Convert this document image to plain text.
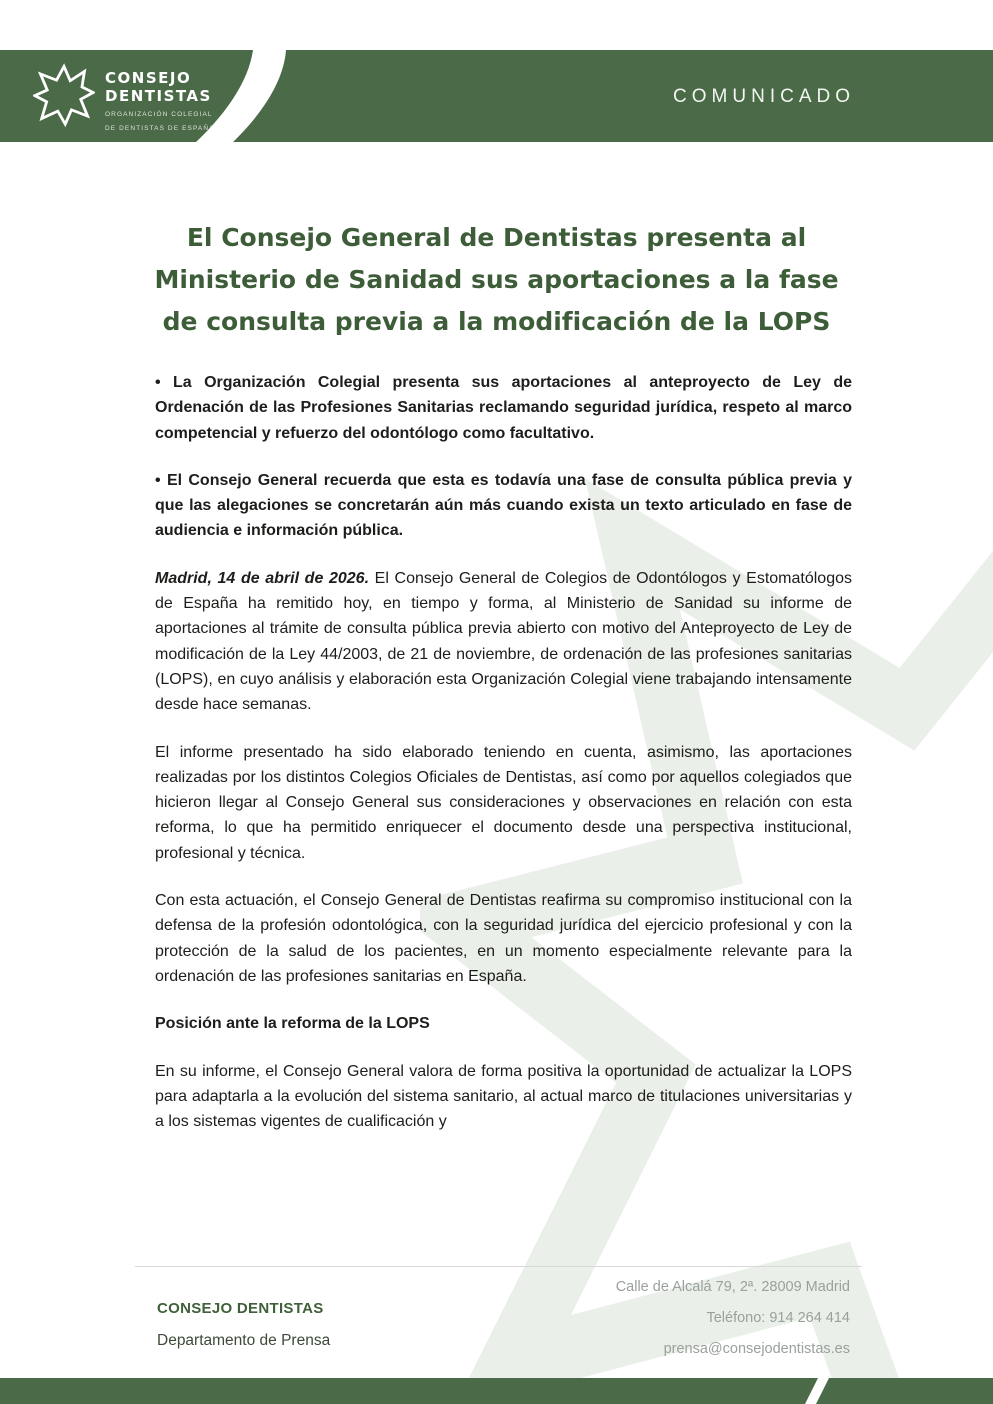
CONSEJO
DENTISTAS
ORGANIZACIÓN COLEGIAL
DE DENTISTAS DE ESPAÑA
COMUNICADO
El Consejo General de Dentistas presenta al
Ministerio de Sanidad sus aportaciones a la fase
de consulta previa a la modificación de la LOPS

• La Organización Colegial presenta sus aportaciones al anteproyecto de Ley de Ordenación de las Profesiones Sanitarias reclamando seguridad jurídica, respeto al marco competencial y refuerzo del odontólogo como facultativo.

• El Consejo General recuerda que esta es todavía una fase de consulta pública previa y que las alegaciones se concretarán aún más cuando exista un texto articulado en fase de audiencia e información pública.

Madrid, 14 de abril de 2026. El Consejo General de Colegios de Odontólogos y Estomatólogos de España ha remitido hoy, en tiempo y forma, al Ministerio de Sanidad su informe de aportaciones al trámite de consulta pública previa abierto con motivo del Anteproyecto de Ley de modificación de la Ley 44/2003, de 21 de noviembre, de ordenación de las profesiones sanitarias (LOPS), en cuyo análisis y elaboración esta Organización Colegial viene trabajando intensamente desde hace semanas.

El informe presentado ha sido elaborado teniendo en cuenta, asimismo, las aportaciones realizadas por los distintos Colegios Oficiales de Dentistas, así como por aquellos colegiados que hicieron llegar al Consejo General sus consideraciones y observaciones en relación con esta reforma, lo que ha permitido enriquecer el documento desde una perspectiva institucional, profesional y técnica.

Con esta actuación, el Consejo General de Dentistas reafirma su compromiso institucional con la defensa de la profesión odontológica, con la seguridad jurídica del ejercicio profesional y con la protección de la salud de los pacientes, en un momento especialmente relevante para la ordenación de las profesiones sanitarias en España.

Posición ante la reforma de la LOPS

En su informe, el Consejo General valora de forma positiva la oportunidad de actualizar la LOPS para adaptarla a la evolución del sistema sanitario, al actual marco de titulaciones universitarias y a los sistemas vigentes de cualificación y

CONSEJO DENTISTAS
Departamento de Prensa
Calle de Alcalá 79, 2ª. 28009 Madrid
Teléfono: 914 264 414
prensa@consejodentistas.es
